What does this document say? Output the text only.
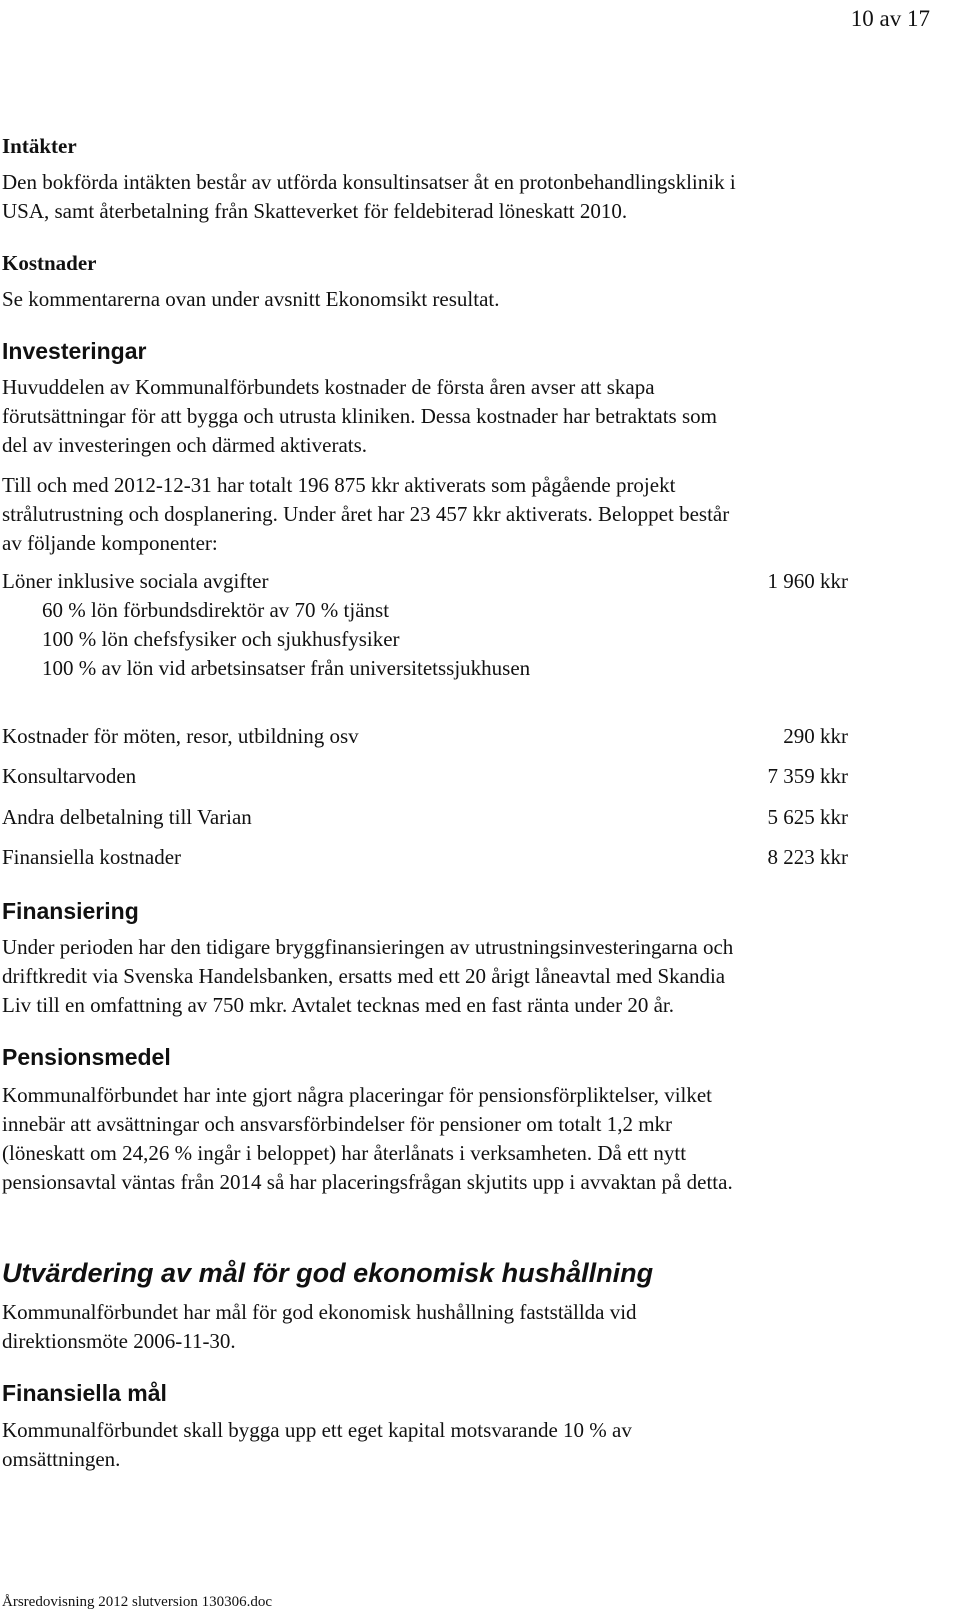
10 av 17
Intäkter
Den bokförda intäkten består av utförda konsultinsatser åt en protonbehandlingsklinik i
USA, samt återbetalning från Skatteverket för feldebiterad löneskatt 2010.
Kostnader
Se kommentarerna ovan under avsnitt Ekonomsikt resultat.
Investeringar
Huvuddelen av Kommunalförbundets kostnader de första åren avser att skapa
förutsättningar för att bygga och utrusta kliniken. Dessa kostnader har betraktats som
del av investeringen och därmed aktiverats.
Till och med 2012-12-31 har totalt 196 875 kkr aktiverats som pågående projekt
strålutrustning och dosplanering. Under året har 23 457 kkr aktiverats. Beloppet består
av följande komponenter:
Löner inklusive sociala avgifter	1 960 kkr
60 % lön förbundsdirektör av 70 % tjänst
100 % lön chefsfysiker och sjukhusfysiker
100 % av lön vid arbetsinsatser från universitetssjukhusen
Kostnader för möten, resor, utbildning osv	290 kkr
Konsultarvoden	7 359 kkr
Andra delbetalning till Varian	5 625 kkr
Finansiella kostnader	8 223 kkr
Finansiering
Under perioden har den tidigare bryggfinansieringen av utrustningsinvesteringarna och
driftkredit via Svenska Handelsbanken, ersatts med ett 20 årigt låneavtal med Skandia
Liv till en omfattning av 750 mkr. Avtalet tecknas med en fast ränta under 20 år.
Pensionsmedel
Kommunalförbundet har inte gjort några placeringar för pensionsförpliktelser, vilket
innebär att avsättningar och ansvarsförbindelser för pensioner om totalt 1,2 mkr
(löneskatt om 24,26 % ingår i beloppet) har återlånats i verksamheten. Då ett nytt
pensionsavtal väntas från 2014 så har placeringsfrågan skjutits upp i avvaktan på detta.
Utvärdering av mål för god ekonomisk hushållning
Kommunalförbundet har mål för god ekonomisk hushållning fastställda vid
direktionsmöte 2006-11-30.
Finansiella mål
Kommunalförbundet skall bygga upp ett eget kapital motsvarande 10 % av
omsättningen.
Årsredovisning 2012 slutversion 130306.doc
